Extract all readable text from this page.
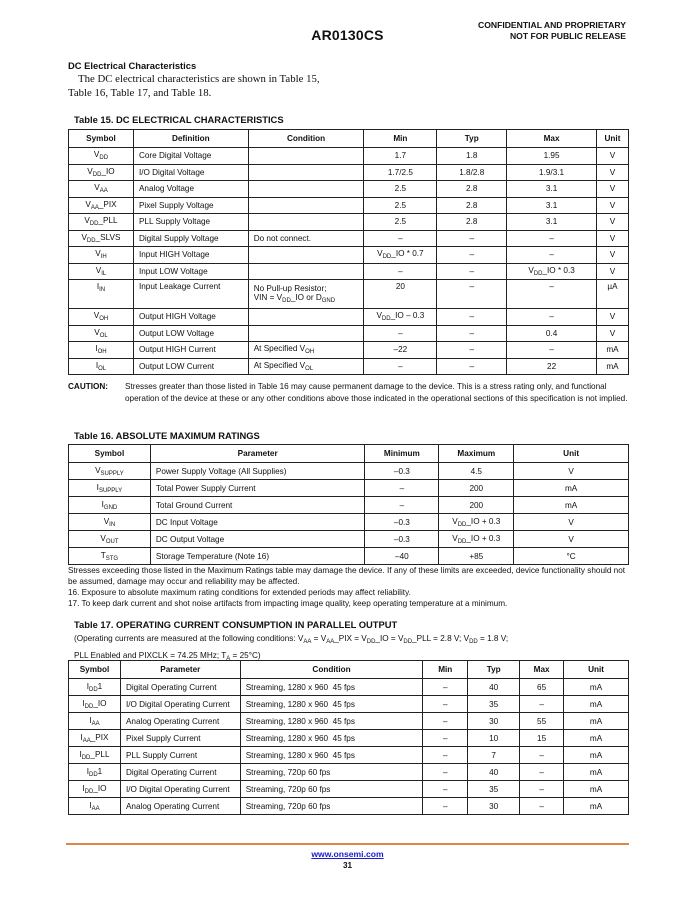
AR0130CS
CONFIDENTIAL AND PROPRIETARY
NOT FOR PUBLIC RELEASE
DC Electrical Characteristics
The DC electrical characteristics are shown in Table 15,
Table 16, Table 17, and Table 18.
Table 15. DC ELECTRICAL CHARACTERISTICS
Symbol	Definition	Condition	Min	Typ	Max	Unit
$V_{DD}$	Core Digital Voltage		1.7	1.8	1.95	V
$V_{DD}\_IO$	I/O Digital Voltage		1.7/2.5	1.8/2.8	1.9/3.1	V
$V_{AA}$	Analog Voltage		2.5	2.8	3.1	V
$V_{AA}\_PIX$	Pixel Supply Voltage		2.5	2.8	3.1	V
$V_{DD}\_PLL$	PLL Supply Voltage		2.5	2.8	3.1	V
$V_{DD}\_SLVS$	Digital Supply Voltage	Do not connect.	–	–	–	V
$V_{IH}$	Input HIGH Voltage		$V_{DD}\_IO * 0.7$	–	–	V
$V_{IL}$	Input LOW Voltage		–	–	$V_{DD}\_IO * 0.3$	V
$I_{IN}$	Input Leakage Current	No Pull-up Resistor;
VIN = $V_{DD}\_IO$ or $D_{GND}$	20	–	–	µA
$V_{OH}$	Output HIGH Voltage		$V_{DD}\_IO - 0.3$	–	–	V
$V_{OL}$	Output LOW Voltage		–	–	0.4	V
$I_{OH}$	Output HIGH Current	At Specified $V_{OH}$	–22	–	–	mA
$I_{OL}$	Output LOW Current	At Specified $V_{OL}$	–	–	22	mA
CAUTION: Stresses greater than those listed in Table 16 may cause permanent damage to the device. This is a stress rating only, and functional operation of the device at these or any other conditions above those indicated in the operational sections of this specification is not implied.
Table 16. ABSOLUTE MAXIMUM RATINGS
Symbol	Parameter	Minimum	Maximum	Unit
$V_{SUPPLY}$	Power Supply Voltage (All Supplies)	–0.3	4.5	V
$I_{SUPPLY}$	Total Power Supply Current	–	200	mA
$I_{GND}$	Total Ground Current	–	200	mA
$V_{IN}$	DC Input Voltage	–0.3	$V_{DD}\_IO + 0.3$	V
$V_{OUT}$	DC Output Voltage	–0.3	$V_{DD}\_IO + 0.3$	V
$T_{STG}$	Storage Temperature (Note 16)	–40	+85	°C
Stresses exceeding those listed in the Maximum Ratings table may damage the device. If any of these limits are exceeded, device functionality should not be assumed, damage may occur and reliability may be affected.
16. Exposure to absolute maximum rating conditions for extended periods may affect reliability.
17. To keep dark current and shot noise artifacts from impacting image quality, keep operating temperature at a minimum.
Table 17. OPERATING CURRENT CONSUMPTION IN PARALLEL OUTPUT
(Operating currents are measured at the following conditions: $V_{AA}$ = $V_{AA}\_PIX$ = $V_{DD}\_IO$ = $V_{DD}\_PLL = 2.8$ V; $V_{DD} = 1.8$ V;
PLL Enabled and PIXCLK = 74.25 MHz; $T_A = 25^\circ C$)
Symbol	Parameter	Condition	Min	Typ	Max	Unit
$I_{DD}1$	Digital Operating Current	Streaming, 1280 x 960  45 fps	–	40	65	mA
$I_{DD}\_IO$	I/O Digital Operating Current	Streaming, 1280 x 960  45 fps	–	35	–	mA
$I_{AA}$	Analog Operating Current	Streaming, 1280 x 960  45 fps	–	30	55	mA
$I_{AA}\_PIX$	Pixel Supply Current	Streaming, 1280 x 960  45 fps	–	10	15	mA
$I_{DD}\_PLL$	PLL Supply Current	Streaming, 1280 x 960  45 fps	–	7	–	mA
$I_{DD}1$	Digital Operating Current	Streaming, 720p 60 fps	–	40	–	mA
$I_{DD}\_IO$	I/O Digital Operating Current	Streaming, 720p 60 fps	–	35	–	mA
$I_{AA}$	Analog Operating Current	Streaming, 720p 60 fps	–	30	–	mA
www.onsemi.com
31
